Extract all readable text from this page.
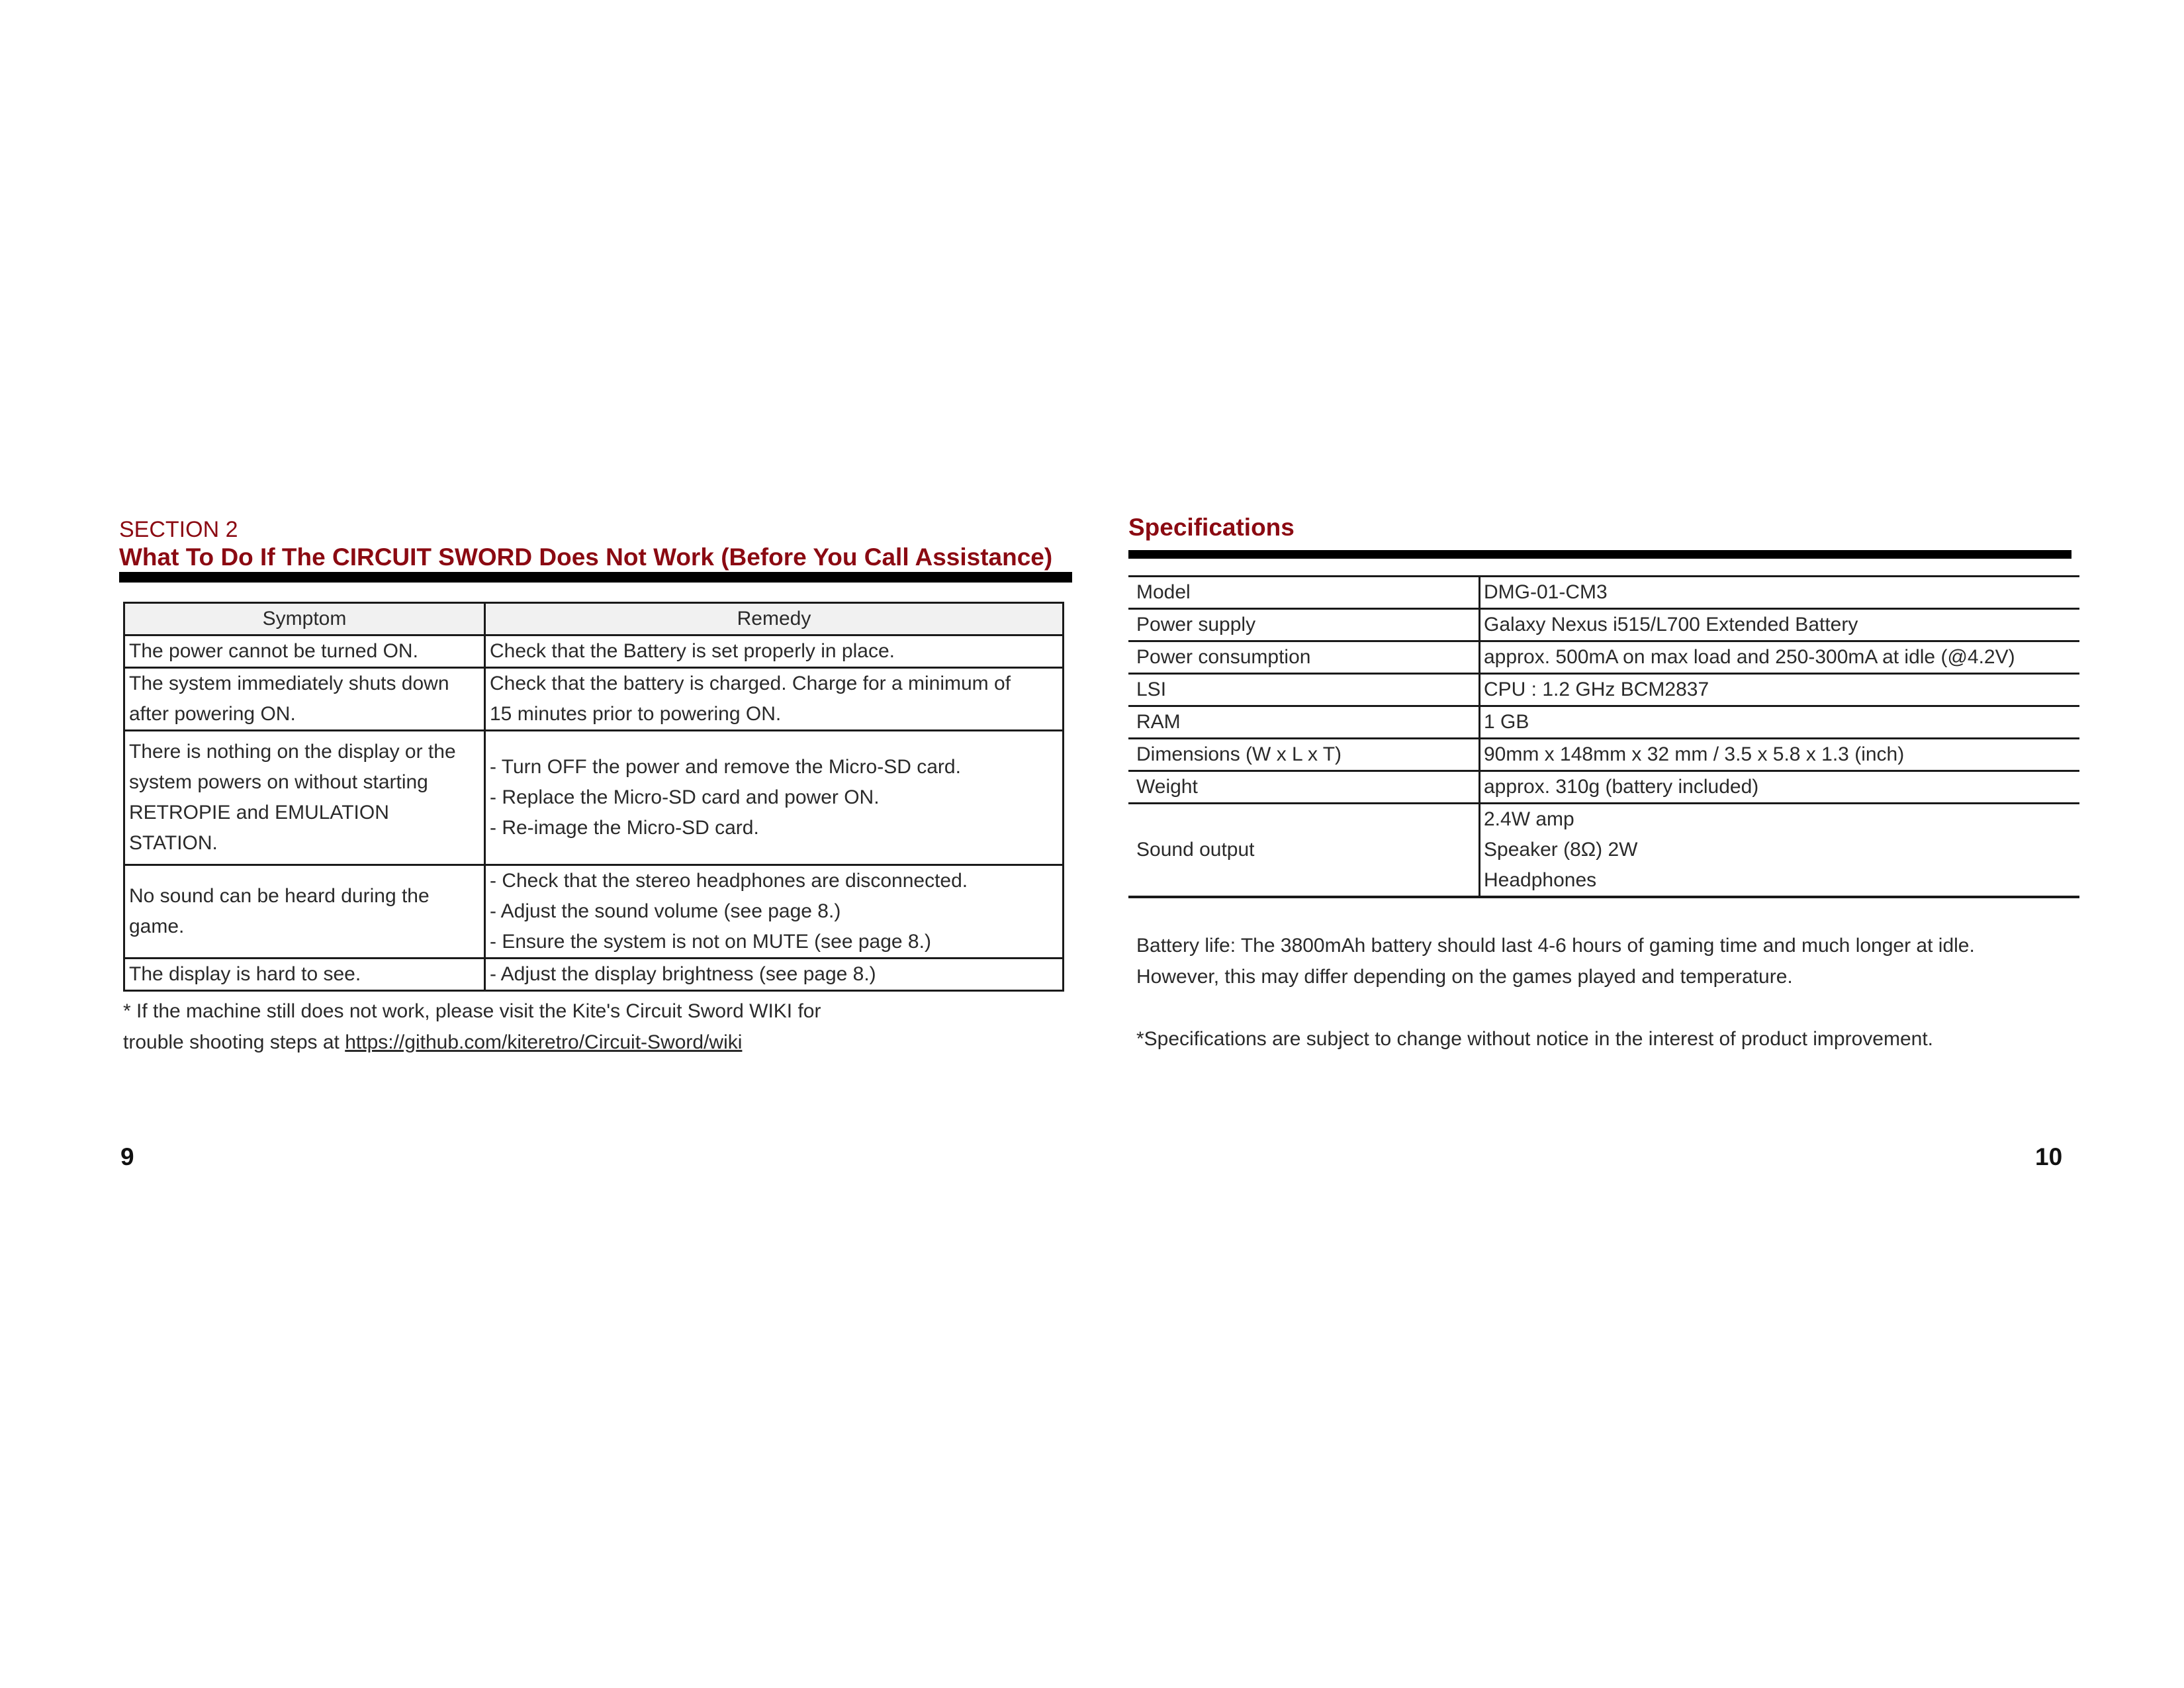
SECTION 2

What To Do If The CIRCUIT SWORD Does Not Work (Before You Call Assistance)

Symptom	Remedy

The power cannot be turned ON.	Check that the Battery is set properly in place.

The system immediately shuts down
after powering ON.	Check that the battery is charged. Charge for a minimum of
15 minutes prior to powering ON.

There is nothing on the display or the
system powers on without starting
RETROPIE and EMULATION STATION.	- Turn OFF the power and remove the Micro-SD card.
- Replace the Micro-SD card and power ON.
- Re-image the Micro-SD card.

No sound can be heard during the
game.	- Check that the stereo headphones are disconnected.
- Adjust the sound volume (see page 8.)
- Ensure the system is not on MUTE (see page 8.)

The display is hard to see.	- Adjust the display brightness (see page 8.)
* If the machine still does not work, please visit the Kite's Circuit Sword WIKI for
trouble shooting steps at https://github.com/kiteretro/Circuit-Sword/wiki
9

Specifications

Model	DMG-01-CM3

Power supply	Galaxy Nexus i515/L700 Extended Battery

Power consumption	approx. 500mA on max load and 250-300mA at idle (@4.2V)

LSI	CPU : 1.2 GHz BCM2837

RAM	1 GB

Dimensions (W x L x T)	90mm x 148mm x 32 mm / 3.5 x 5.8 x 1.3 (inch)

Weight	approx. 310g (battery included)

Sound output	2.4W amp
Speaker (8Ω) 2W
Headphones

Battery life: The 3800mAh battery should last 4-6 hours of gaming time and much longer at idle. However, this may differ depending on the games played and temperature.

*Specifications are subject to change without notice in the interest of product improvement.

10
